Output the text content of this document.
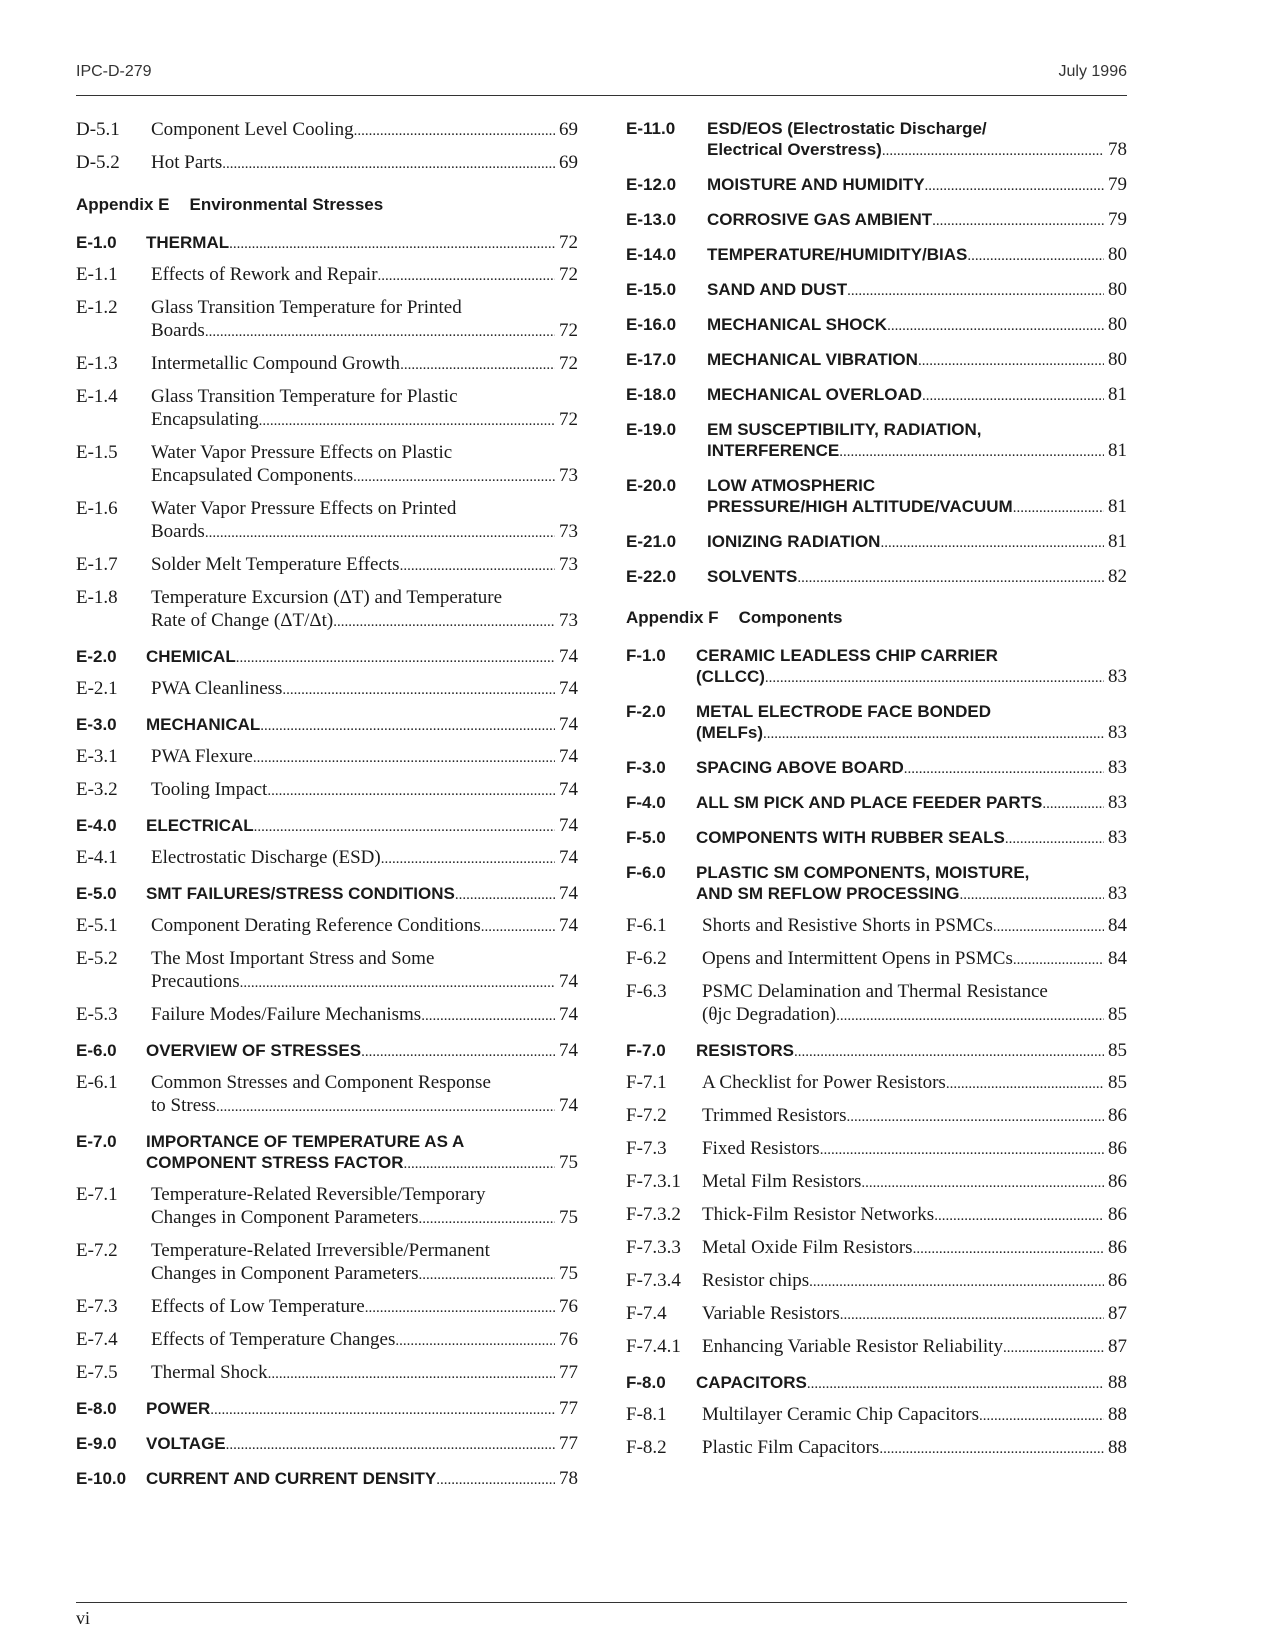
IPC-D-279	July 1996
D-5.1	Component Level Cooling .....	69
D-5.2	Hot Parts .....	69
Appendix E Environmental Stresses
E-1.0	THERMAL .....	72
E-1.1	Effects of Rework and Repair .....	72
E-1.2	Glass Transition Temperature for Printed
Boards .....	72
E-1.3	Intermetallic Compound Growth .....	72
E-1.4	Glass Transition Temperature for Plastic
Encapsulating .....	72
E-1.5	Water Vapor Pressure Effects on Plastic
Encapsulated Components .....	73
E-1.6	Water Vapor Pressure Effects on Printed
Boards .....	73
E-1.7	Solder Melt Temperature Effects .....	73
E-1.8	Temperature Excursion (ΔT) and Temperature
Rate of Change (ΔT/Δt) .....	73
E-2.0	CHEMICAL .....	74
E-2.1	PWA Cleanliness .....	74
E-3.0	MECHANICAL .....	74
E-3.1	PWA Flexure .....	74
E-3.2	Tooling Impact .....	74
E-4.0	ELECTRICAL .....	74
E-4.1	Electrostatic Discharge (ESD) .....	74
E-5.0	SMT FAILURES/STRESS CONDITIONS .....	74
E-5.1	Component Derating Reference Conditions .....	74
E-5.2	The Most Important Stress and Some
Precautions .....	74
E-5.3	Failure Modes/Failure Mechanisms .....	74
E-6.0	OVERVIEW OF STRESSES .....	74
E-6.1	Common Stresses and Component Response
to Stress .....	74
E-7.0	IMPORTANCE OF TEMPERATURE AS A
COMPONENT STRESS FACTOR .....	75
E-7.1	Temperature-Related Reversible/Temporary
Changes in Component Parameters .....	75
E-7.2	Temperature-Related Irreversible/Permanent
Changes in Component Parameters .....	75
E-7.3	Effects of Low Temperature .....	76
E-7.4	Effects of Temperature Changes .....	76
E-7.5	Thermal Shock .....	77
E-8.0	POWER .....	77
E-9.0	VOLTAGE .....	77
E-10.0	CURRENT AND CURRENT DENSITY .....	78
E-11.0	ESD/EOS (Electrostatic Discharge/
Electrical Overstress) .....	78
E-12.0	MOISTURE AND HUMIDITY .....	79
E-13.0	CORROSIVE GAS AMBIENT .....	79
E-14.0	TEMPERATURE/HUMIDITY/BIAS .....	80
E-15.0	SAND AND DUST .....	80
E-16.0	MECHANICAL SHOCK .....	80
E-17.0	MECHANICAL VIBRATION .....	80
E-18.0	MECHANICAL OVERLOAD .....	81
E-19.0	EM SUSCEPTIBILITY, RADIATION,
INTERFERENCE .....	81
E-20.0	LOW ATMOSPHERIC
PRESSURE/HIGH ALTITUDE/VACUUM .....	81
E-21.0	IONIZING RADIATION .....	81
E-22.0	SOLVENTS .....	82
Appendix F Components
F-1.0	CERAMIC LEADLESS CHIP CARRIER
(CLLCC) .....	83
F-2.0	METAL ELECTRODE FACE BONDED
(MELFs) .....	83
F-3.0	SPACING ABOVE BOARD .....	83
F-4.0	ALL SM PICK AND PLACE FEEDER PARTS .....	83
F-5.0	COMPONENTS WITH RUBBER SEALS .....	83
F-6.0	PLASTIC SM COMPONENTS, MOISTURE,
AND SM REFLOW PROCESSING .....	83
F-6.1	Shorts and Resistive Shorts in PSMCs .....	84
F-6.2	Opens and Intermittent Opens in PSMCs .....	84
F-6.3	PSMC Delamination and Thermal Resistance
(θjc Degradation) .....	85
F-7.0	RESISTORS .....	85
F-7.1	A Checklist for Power Resistors .....	85
F-7.2	Trimmed Resistors .....	86
F-7.3	Fixed Resistors .....	86
F-7.3.1	Metal Film Resistors .....	86
F-7.3.2	Thick-Film Resistor Networks .....	86
F-7.3.3	Metal Oxide Film Resistors .....	86
F-7.3.4	Resistor chips .....	86
F-7.4	Variable Resistors .....	87
F-7.4.1	Enhancing Variable Resistor Reliability .....	87
F-8.0	CAPACITORS .....	88
F-8.1	Multilayer Ceramic Chip Capacitors .....	88
F-8.2	Plastic Film Capacitors .....	88
vi
